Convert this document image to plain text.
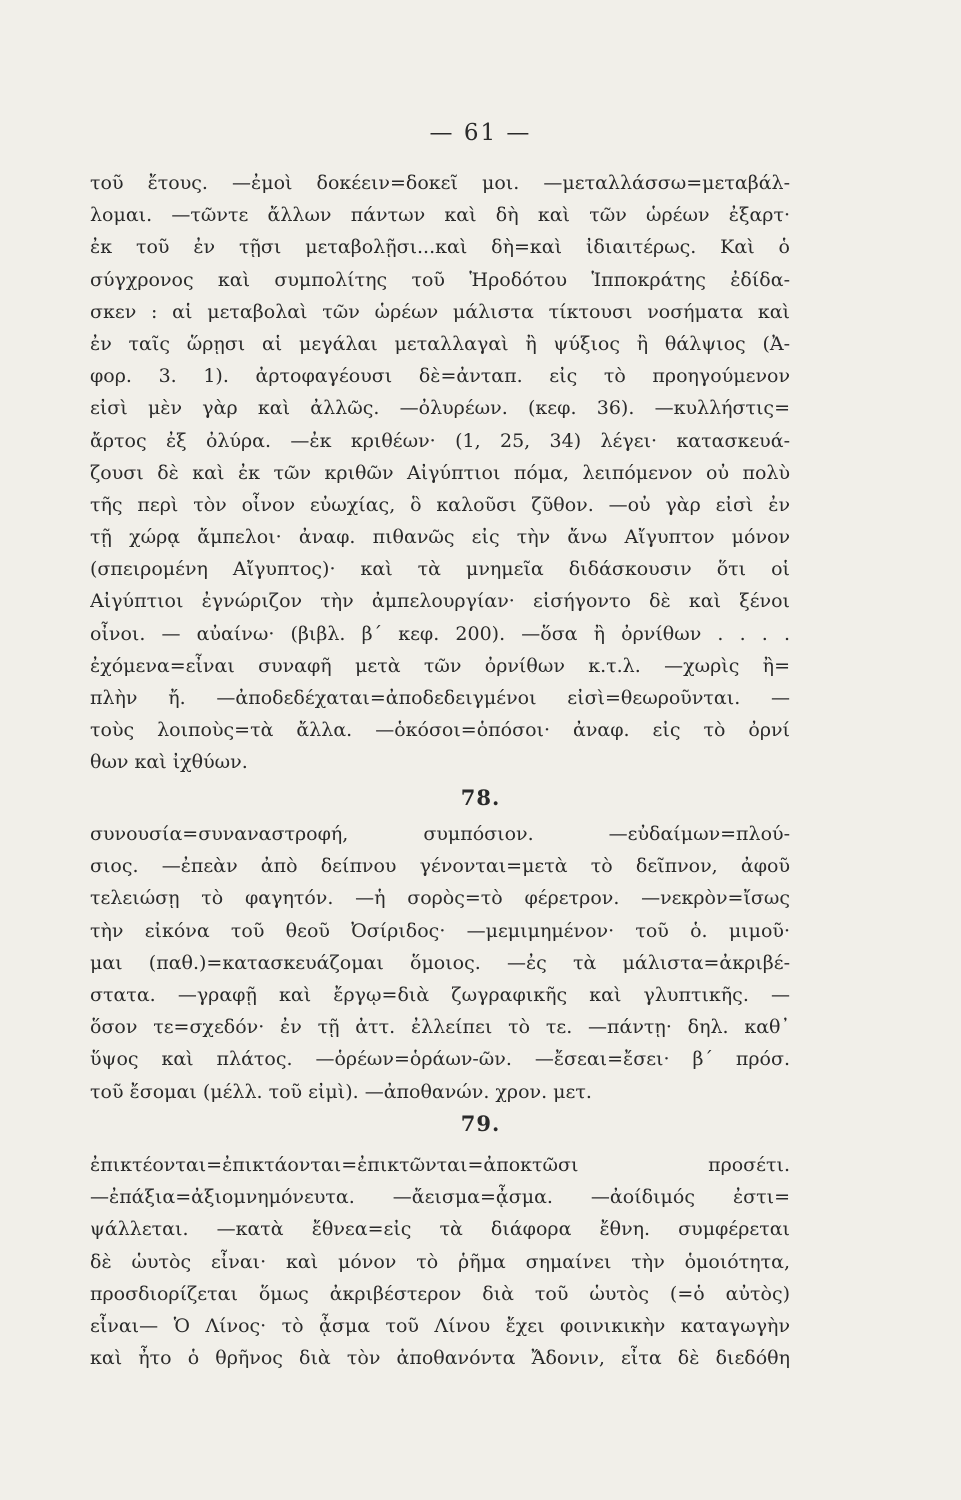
— 61 —
τοῦ ἔτους. —ἐμοὶ δοκέειν=δοκεῖ μοι. —μεταλλάσσω=μεταβάλ-
λομαι. —τῶντε ἄλλων πάντων καὶ δὴ καὶ τῶν ὡρέων ἐξαρτ·
ἐκ τοῦ ἐν τῇσι μεταβολῇσι...καὶ δὴ=καὶ ἰδιαιτέρως. Καὶ ὁ
σύγχρονος καὶ συμπολίτης τοῦ Ἡροδότου Ἱπποκράτης ἐδίδα-
σκεν : αἱ μεταβολαὶ τῶν ὡρέων μάλιστα τίκτουσι νοσήματα καὶ
ἐν ταῖς ὥρῃσι αἱ μεγάλαι μεταλλαγαὶ ἢ ψύξιος ἢ θάλψιος (Ἀ-
φορ. 3. 1). ἀρτοφαγέουσι δὲ=ἀνταπ. εἰς τὸ προηγούμενον
εἰσὶ μὲν γὰρ καὶ ἀλλῶς. —ὀλυρέων. (κεφ. 36). —κυλλήστις=
ἄρτος ἐξ ὀλύρα. —ἐκ κριθέων· (1, 25, 34) λέγει· κατασκευά-
ζουσι δὲ καὶ ἐκ τῶν κριθῶν Αἰγύπτιοι πόμα, λειπόμενον οὐ πολὺ
τῆς περὶ τὸν οἶνον εὐωχίας, ὃ καλοῦσι ζῦθον. —οὐ γὰρ εἰσὶ ἐν
τῇ χώρᾳ ἄμπελοι· ἀναφ. πιθανῶς εἰς τὴν ἄνω Αἴγυπτον μόνον
(σπειρομένη Αἴγυπτος)· καὶ τὰ μνημεῖα διδάσκουσιν ὅτι οἱ
Αἰγύπτιοι ἐγνώριζον τὴν ἀμπελουργίαν· εἰσήγοντο δὲ καὶ ξένοι
οἶνοι. — αὐαίνω· (βιβλ. β΄ κεφ. 200). —ὅσα ἢ ὀρνίθων . . . .
ἐχόμενα=εἶναι συναφῆ μετὰ τῶν ὀρνίθων κ.τ.λ. —χωρὶς ἢ=
πλὴν ἤ. —ἀποδεδέχαται=ἀποδεδειγμένοι εἰσὶ=θεωροῦνται. —
τοὺς λοιποὺς=τὰ ἄλλα. —ὁκόσοι=ὁπόσοι· ἀναφ. εἰς τὸ ὀρνί
θων καὶ ἰχθύων.
78.
συνουσία=συναναστροφή, συμπόσιον. —εὐδαίμων=πλού-
σιος. —ἐπεὰν ἀπὸ δείπνου γένονται=μετὰ τὸ δεῖπνον, ἀφοῦ
τελειώσῃ τὸ φαγητόν. —ἡ σορὸς=τὸ φέρετρον. —νεκρὸν=ἴσως
τὴν εἰκόνα τοῦ θεοῦ Ὀσίριδος· —μεμιμημένον· τοῦ ὁ. μιμοῦ·
μαι (παθ.)=κατασκευάζομαι ὅμοιος. —ἐς τὰ μάλιστα=ἀκριβέ-
στατα. —γραφῇ καὶ ἔργῳ=διὰ ζωγραφικῆς καὶ γλυπτικῆς. —
ὅσον τε=σχεδόν· ἐν τῇ ἀττ. ἐλλείπει τὸ τε. —πάντῃ· δηλ. καθ᾿
ὕψος καὶ πλάτος. —ὁρέων=ὁράων-ῶν. —ἔσεαι=ἔσει· β΄ πρόσ.
τοῦ ἔσομαι (μέλλ. τοῦ εἰμὶ). —ἀποθανών. χρον. μετ.
79.
ἐπικτέονται=ἐπικτάονται=ἐπικτῶνται=ἀποκτῶσι προσέτι.
—ἐπάξια=ἀξιομνημόνευτα. —ἄεισμα=ᾆσμα. —ἀοίδιμός ἐστι=
ψάλλεται. —κατὰ ἔθνεα=εἰς τὰ διάφορα ἔθνη. συμφέρεται
δὲ ὡυτὸς εἶναι· καὶ μόνον τὸ ῥῆμα σημαίνει τὴν ὁμοιότητα,
προσδιορίζεται ὅμως ἀκριβέστερον διὰ τοῦ ὡυτὸς (=ὁ αὐτὸς)
εἶναι— Ὁ Λίνος· τὸ ᾆσμα τοῦ Λίνου ἔχει φοινικικὴν καταγωγὴν
καὶ ἦτο ὁ θρῆνος διὰ τὸν ἀποθανόντα Ἄδονιν, εἶτα δὲ διεδόθη
